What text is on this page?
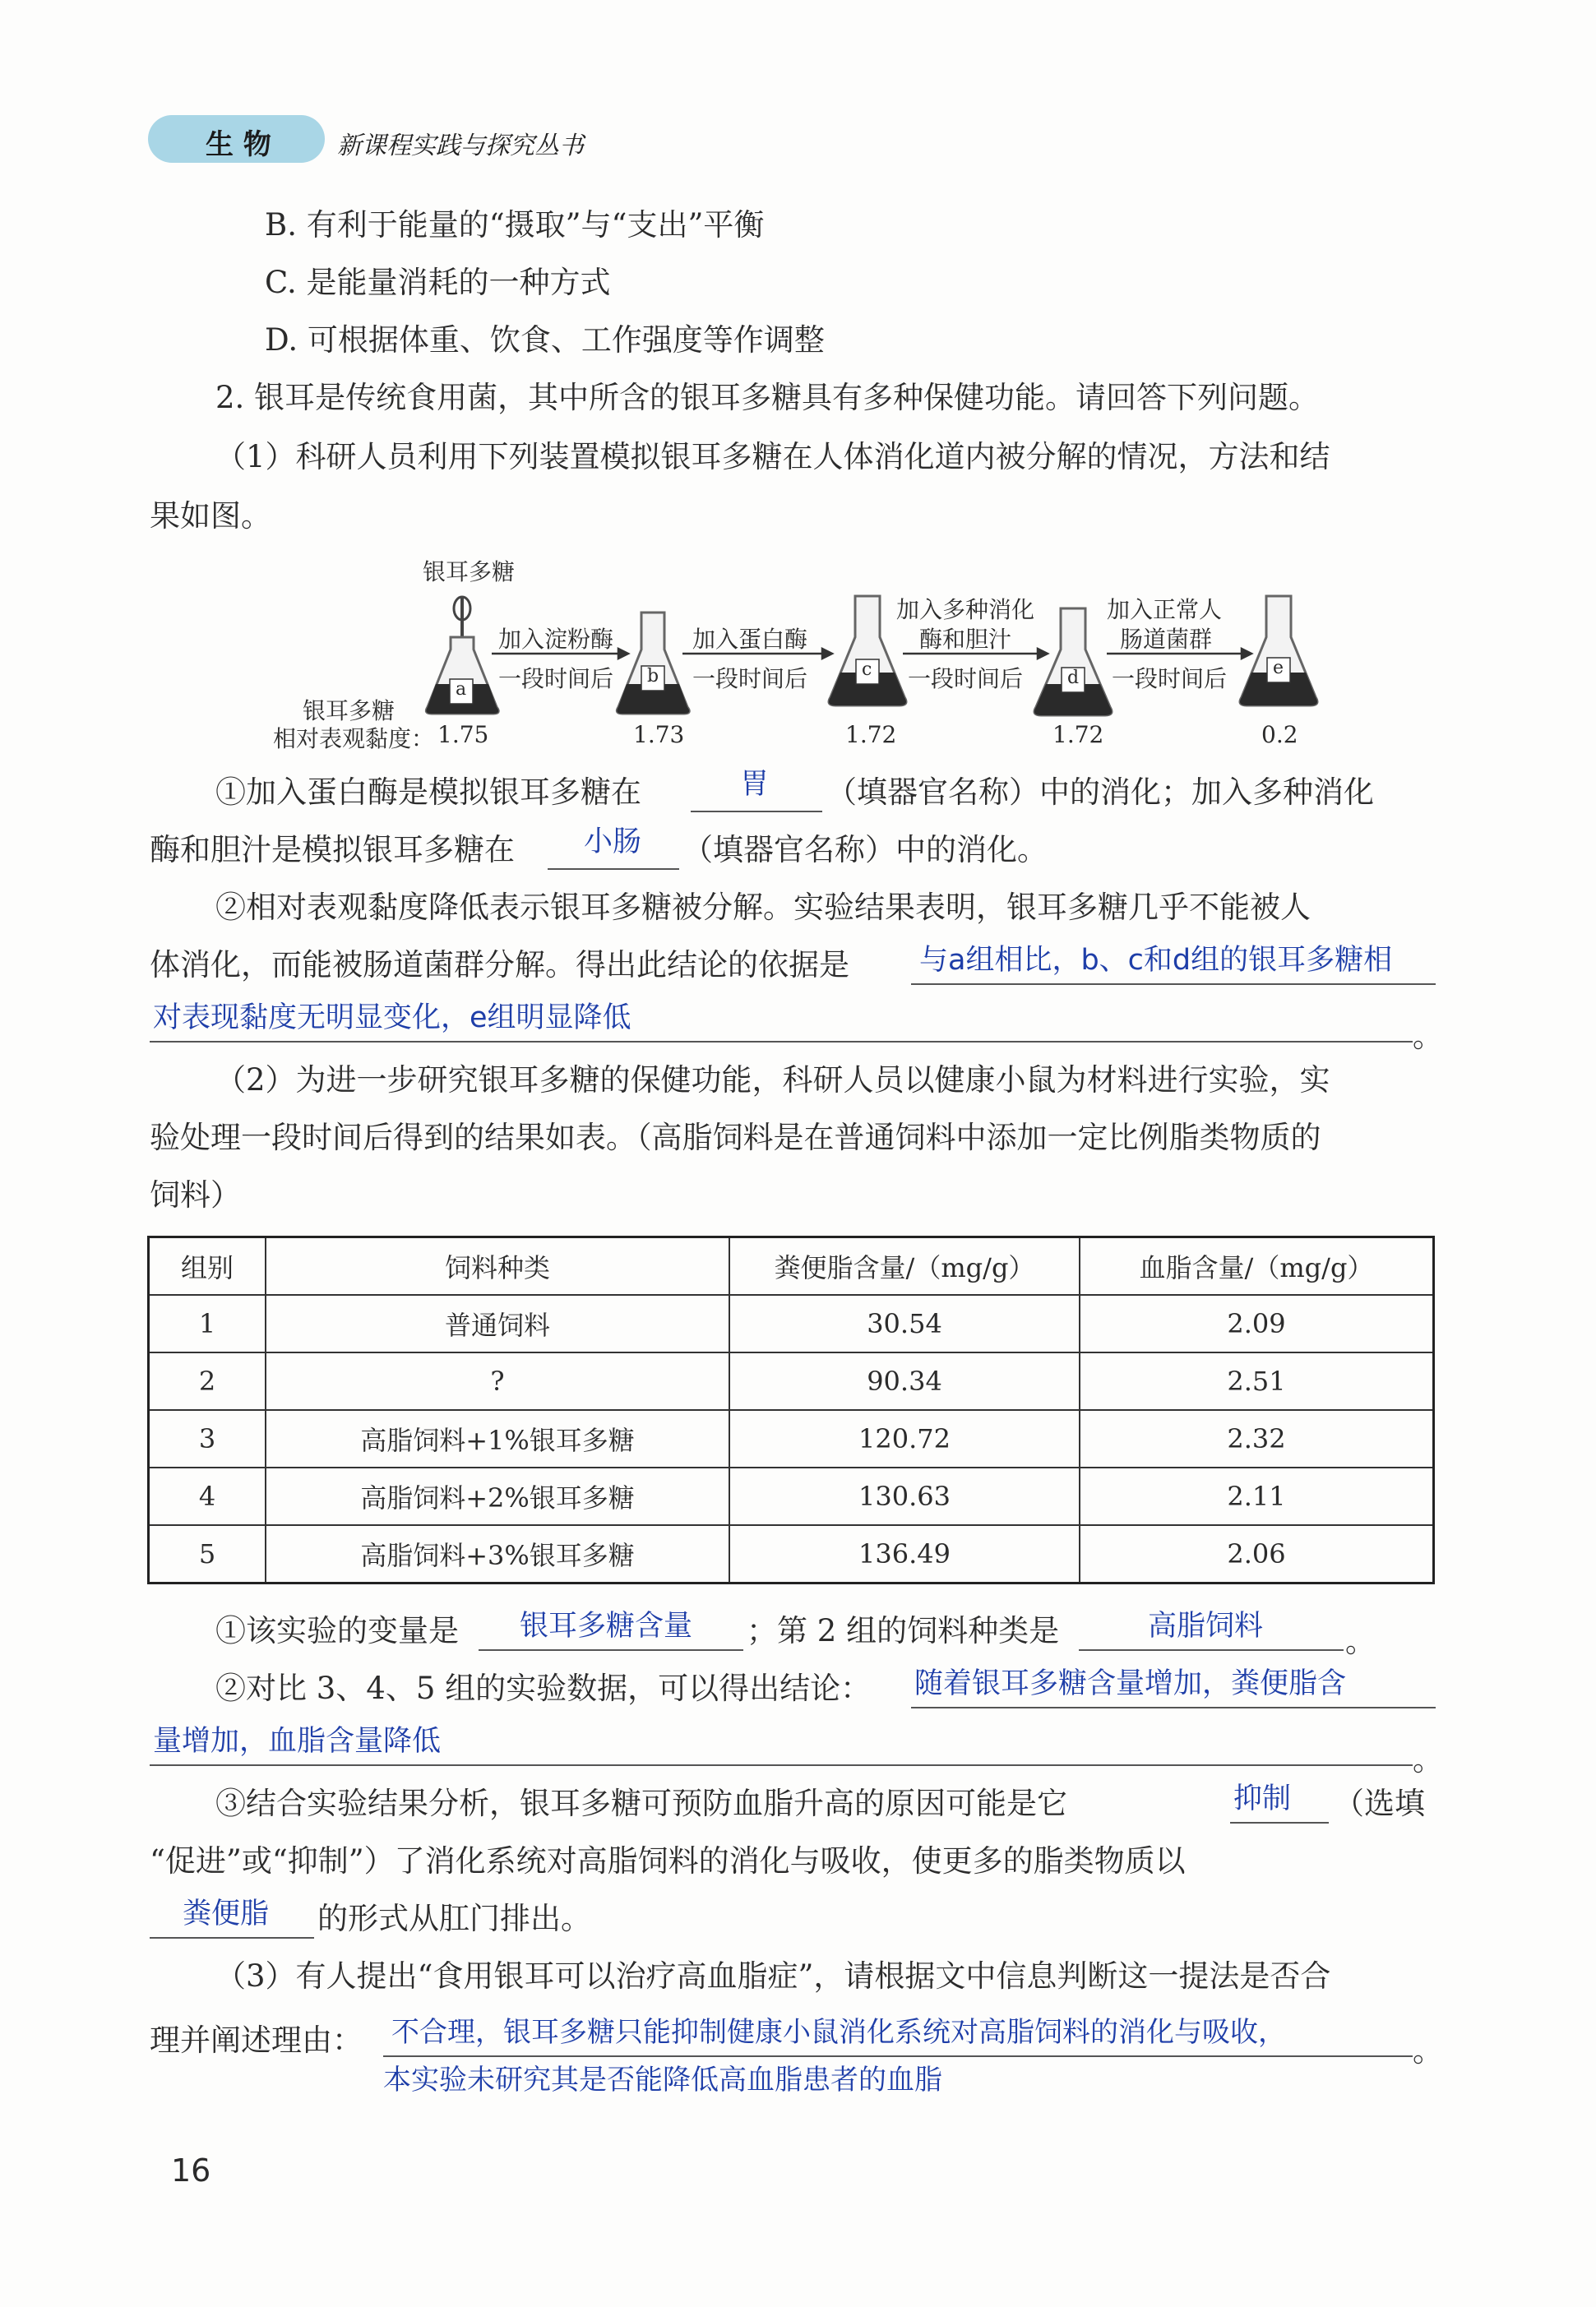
生 物	新课程实践与探究丛书
B. 有利于能量的“摄取”与“支出”平衡
C. 是能量消耗的一种方式
D. 可根据体重、饮食、工作强度等作调整
2. 银耳是传统食用菌，其中所含的银耳多糖具有多种保健功能。请回答下列问题。
（1）科研人员利用下列装置模拟银耳多糖在人体消化道内被分解的情况，方法和结
果如图。
银耳多糖
a
b	c	d	e
加入淀粉酶
一段时间后
加入蛋白酶
一段时间后
加入多种消化
酶和胆汁
一段时间后
加入正常人
肠道菌群
一段时间后
银耳多糖
相对表观黏度： 1.75	1.73	1.72	1.72	0.2
①加入蛋白酶是模拟银耳多糖在	胃 （填器官名称）中的消化；加入多种消化
酶和胆汁是模拟银耳多糖在 小肠 （填器官名称）中的消化。
②相对表观黏度降低表示银耳多糖被分解。实验结果表明，银耳多糖几乎不能被人
体消化，而能被肠道菌群分解。得出此结论的依据是 与a组相比，b、c和d组的银耳多糖相
对表现黏度无明显变化，e组明显降低
。
（2）为进一步研究银耳多糖的保健功能，科研人员以健康小鼠为材料进行实验，实
验处理一段时间后得到的结果如表。（高脂饲料是在普通饲料中添加一定比例脂类物质的
饲料）
组别	饲料种类	粪便脂含量/（mg/g）	血脂含量/（mg/g）
1	普通饲料	30.54	2.09
2	?	90.34	2.51
3	高脂饲料+1%银耳多糖	120.72	2.32
4	高脂饲料+2%银耳多糖	130.63	2.11
5	高脂饲料+3%银耳多糖	136.49	2.06
①该实验的变量是 银耳多糖含量 ；第 2 组的饲料种类是	高脂饲料	。
②对比 3、4、5 组的实验数据，可以得出结论： 随着银耳多糖含量增加，粪便脂含
量增加，血脂含量降低
。
③结合实验结果分析，银耳多糖可预防血脂升高的原因可能是它	抑制 （选填
“促进”或“抑制”）了消化系统对高脂饲料的消化与吸收，使更多的脂类物质以
粪便脂 的形式从肛门排出。
（3）有人提出“食用银耳可以治疗高血脂症”，请根据文中信息判断这一提法是否合
理并阐述理由： 不合理，银耳多糖只能抑制健康小鼠消化系统对高脂饲料的消化与吸收，
。
本实验未研究其是否能降低高血脂患者的血脂
16
